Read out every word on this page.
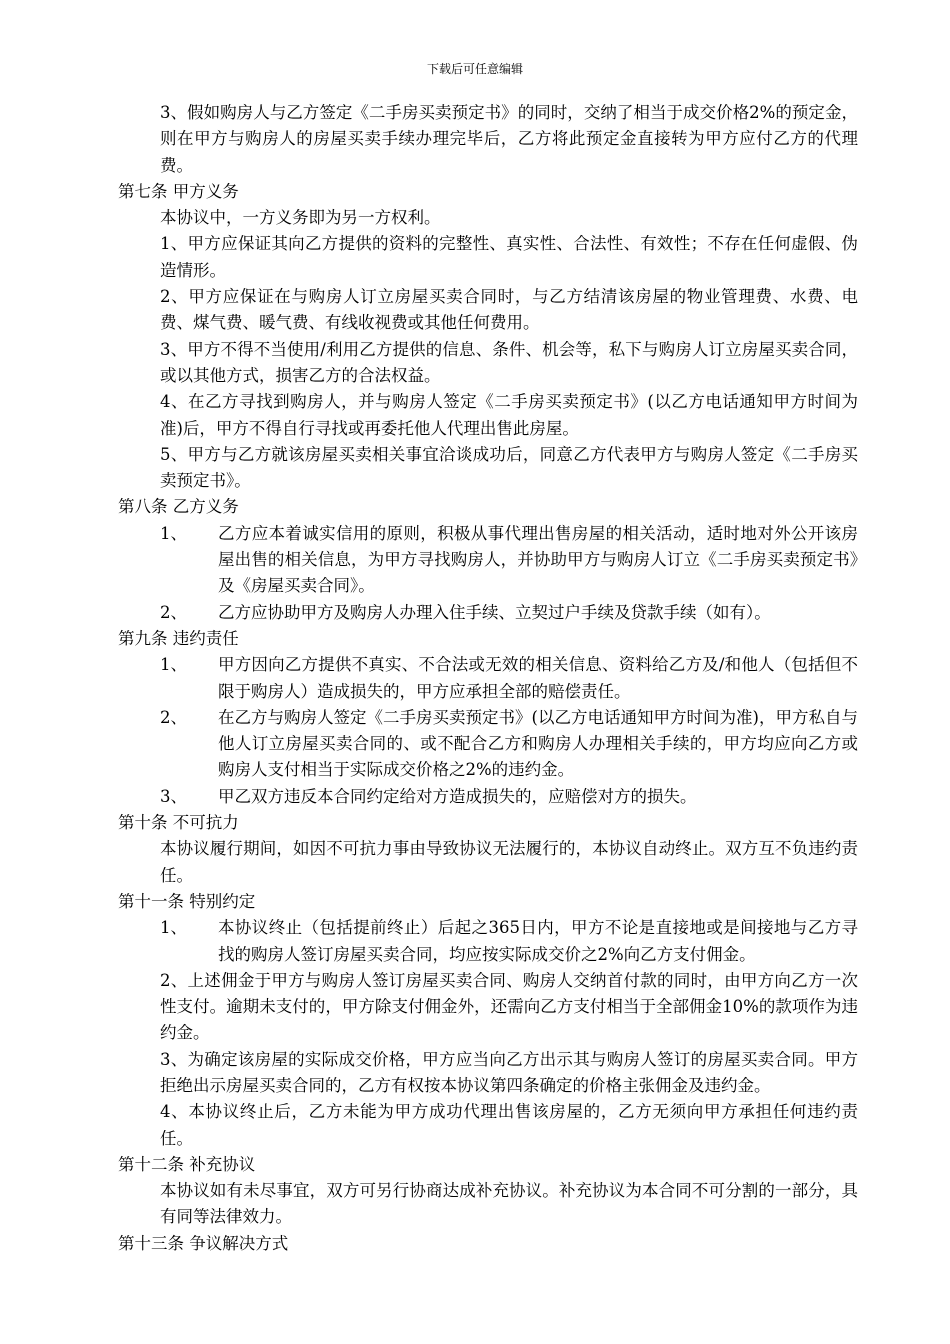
下载后可任意编辑
3、假如购房人与乙方签定《二手房买卖预定书》的同时，交纳了相当于成交价格2%的预定金，则在甲方与购房人的房屋买卖手续办理完毕后，乙方将此预定金直接转为甲方应付乙方的代理费。
第七条 甲方义务
本协议中，一方义务即为另一方权利。
1、甲方应保证其向乙方提供的资料的完整性、真实性、合法性、有效性；不存在任何虚假、伪造情形。
2、甲方应保证在与购房人订立房屋买卖合同时，与乙方结清该房屋的物业管理费、水费、电费、煤气费、暖气费、有线收视费或其他任何费用。
3、甲方不得不当使用/利用乙方提供的信息、条件、机会等，私下与购房人订立房屋买卖合同，或以其他方式，损害乙方的合法权益。
4、在乙方寻找到购房人，并与购房人签定《二手房买卖预定书》(以乙方电话通知甲方时间为准)后，甲方不得自行寻找或再委托他人代理出售此房屋。
5、甲方与乙方就该房屋买卖相关事宜洽谈成功后，同意乙方代表甲方与购房人签定《二手房买卖预定书》。
第八条 乙方义务
1、 乙方应本着诚实信用的原则，积极从事代理出售房屋的相关活动，适时地对外公开该房屋出售的相关信息，为甲方寻找购房人，并协助甲方与购房人订立《二手房买卖预定书》及《房屋买卖合同》。
2、 乙方应协助甲方及购房人办理入住手续、立契过户手续及贷款手续（如有）。
第九条 违约责任
1、 甲方因向乙方提供不真实、不合法或无效的相关信息、资料给乙方及/和他人（包括但不限于购房人）造成损失的，甲方应承担全部的赔偿责任。
2、 在乙方与购房人签定《二手房买卖预定书》(以乙方电话通知甲方时间为准)，甲方私自与他人订立房屋买卖合同的、或不配合乙方和购房人办理相关手续的，甲方均应向乙方或购房人支付相当于实际成交价格之2%的违约金。
3、 甲乙双方违反本合同约定给对方造成损失的，应赔偿对方的损失。
第十条 不可抗力
本协议履行期间，如因不可抗力事由导致协议无法履行的，本协议自动终止。双方互不负违约责任。
第十一条 特别约定
1、 本协议终止（包括提前终止）后起之365日内，甲方不论是直接地或是间接地与乙方寻找的购房人签订房屋买卖合同，均应按实际成交价之2%向乙方支付佣金。
2、上述佣金于甲方与购房人签订房屋买卖合同、购房人交纳首付款的同时，由甲方向乙方一次性支付。逾期未支付的，甲方除支付佣金外，还需向乙方支付相当于全部佣金10%的款项作为违约金。
3、为确定该房屋的实际成交价格，甲方应当向乙方出示其与购房人签订的房屋买卖合同。甲方拒绝出示房屋买卖合同的，乙方有权按本协议第四条确定的价格主张佣金及违约金。
4、本协议终止后，乙方未能为甲方成功代理出售该房屋的，乙方无须向甲方承担任何违约责任。
第十二条 补充协议
本协议如有未尽事宜，双方可另行协商达成补充协议。补充协议为本合同不可分割的一部分，具有同等法律效力。
第十三条 争议解决方式
